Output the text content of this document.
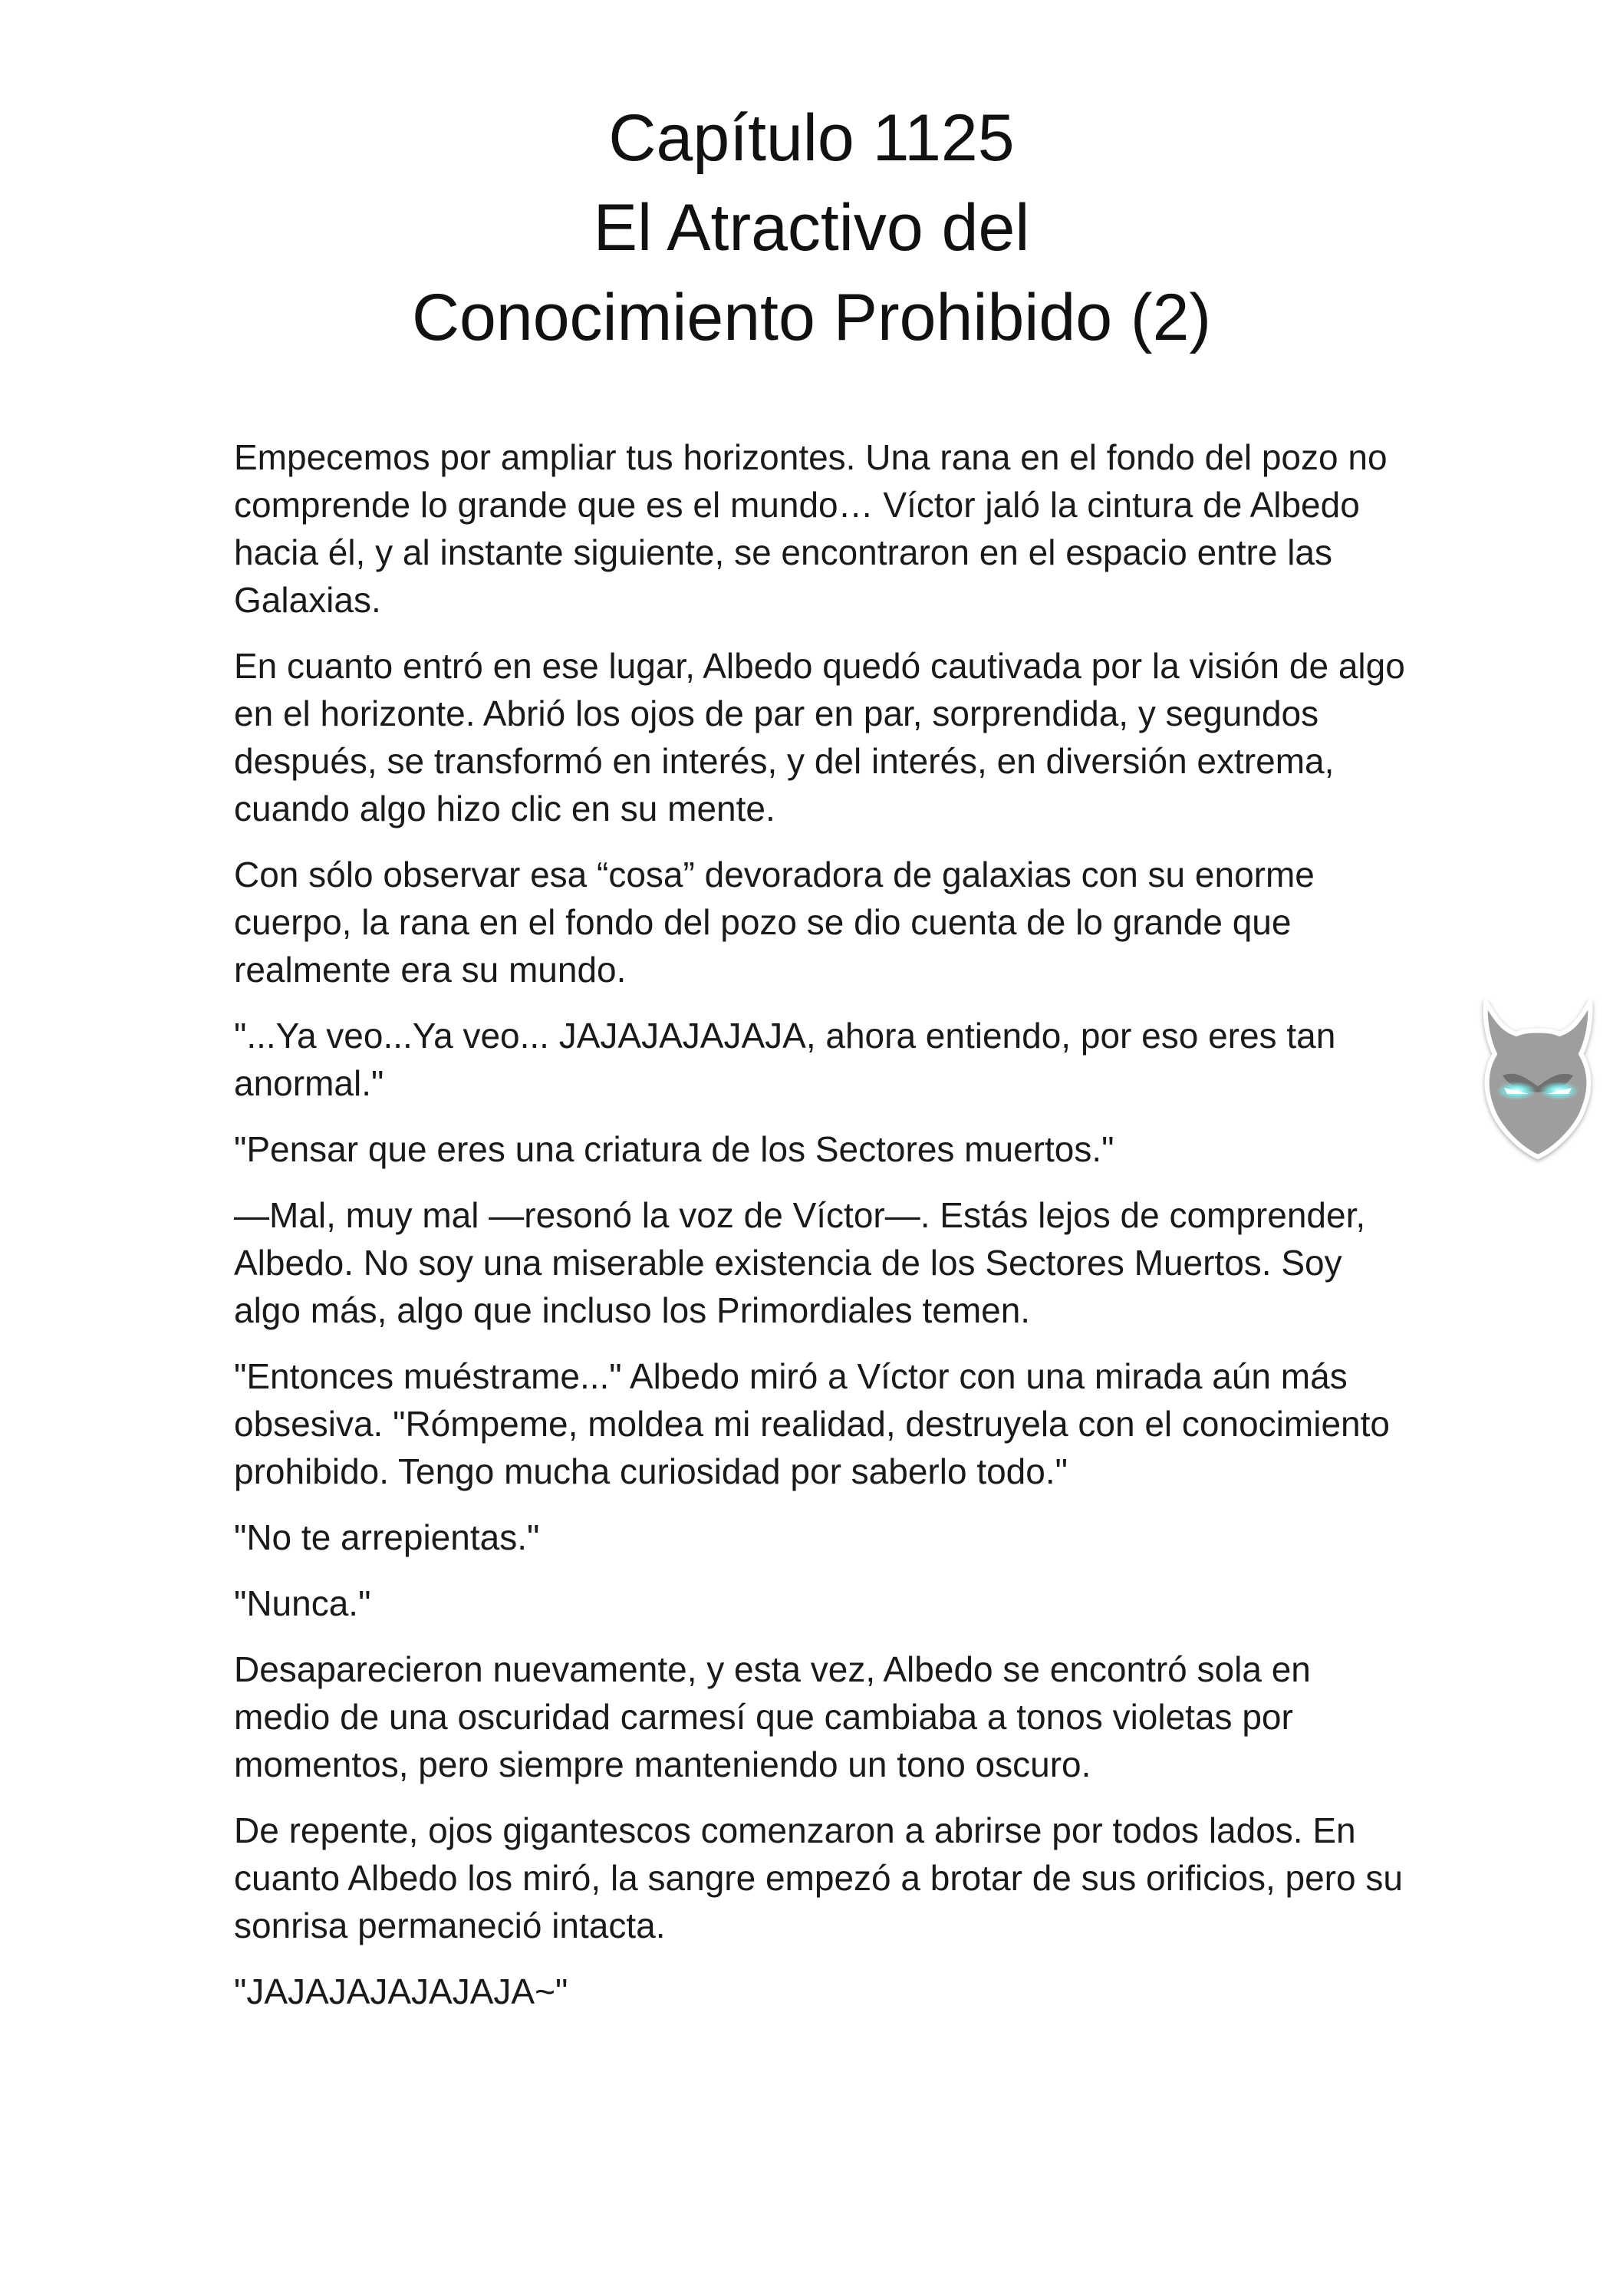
Capítulo 1125
El Atractivo del
Conocimiento Prohibido (2)

Empecemos por ampliar tus horizontes. Una rana en el fondo del pozo no comprende lo grande que es el mundo… Víctor jaló la cintura de Albedo hacia él, y al instante siguiente, se encontraron en el espacio entre las Galaxias.

En cuanto entró en ese lugar, Albedo quedó cautivada por la visión de algo en el horizonte. Abrió los ojos de par en par, sorprendida, y segundos después, se transformó en interés, y del interés, en diversión extrema, cuando algo hizo clic en su mente.

Con sólo observar esa “cosa” devoradora de galaxias con su enorme cuerpo, la rana en el fondo del pozo se dio cuenta de lo grande que realmente era su mundo.

"...Ya veo...Ya veo... JAJAJAJAJAJA, ahora entiendo, por eso eres tan anormal."

"Pensar que eres una criatura de los Sectores muertos."

—Mal, muy mal —resonó la voz de Víctor—. Estás lejos de comprender, Albedo. No soy una miserable existencia de los Sectores Muertos. Soy algo más, algo que incluso los Primordiales temen.

"Entonces muéstrame..." Albedo miró a Víctor con una mirada aún más obsesiva. "Rómpeme, moldea mi realidad, destruyela con el conocimiento prohibido. Tengo mucha curiosidad por saberlo todo."

"No te arrepientas."

"Nunca."

Desaparecieron nuevamente, y esta vez, Albedo se encontró sola en medio de una oscuridad carmesí que cambiaba a tonos violetas por momentos, pero siempre manteniendo un tono oscuro.

De repente, ojos gigantescos comenzaron a abrirse por todos lados. En cuanto Albedo los miró, la sangre empezó a brotar de sus orificios, pero su sonrisa permaneció intacta.

"JAJAJAJAJAJAJA~"
